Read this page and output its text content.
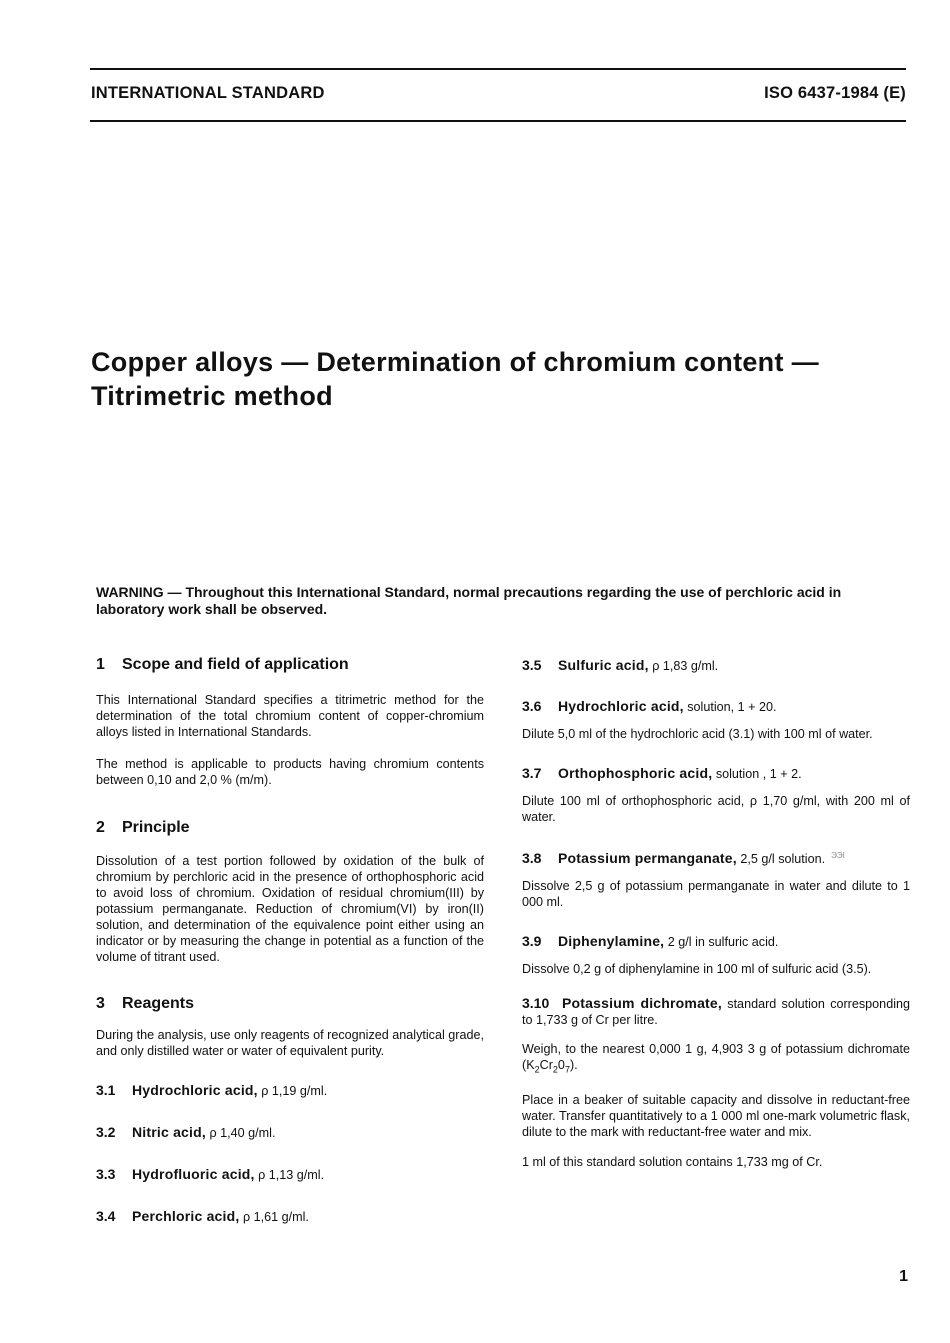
INTERNATIONAL STANDARD	ISO 6437-1984 (E)
Copper alloys — Determination of chromium content —
Titrimetric method
WARNING — Throughout this International Standard, normal precautions regarding the use of perchloric acid in laboratory work shall be observed.
1 Scope and field of application

This International Standard specifies a titrimetric method for the determination of the total chromium content of copper-chromium alloys listed in International Standards.

The method is applicable to products having chromium contents between 0,10 and 2,0 % (m/m).

2 Principle

Dissolution of a test portion followed by oxidation of the bulk of chromium by perchloric acid in the presence of orthophosphoric acid to avoid loss of chromium. Oxidation of residual chromium(III) by potassium permanganate. Reduction of chromium(VI) by iron(II) solution, and determination of the equivalence point either using an indicator or by measuring the change in potential as a function of the volume of titrant used.

3 Reagents

During the analysis, use only reagents of recognized analytical grade, and only distilled water or water of equivalent purity.

3.1 Hydrochloric acid, ρ 1,19 g/ml.
3.2 Nitric acid, ρ 1,40 g/ml.
3.3 Hydrofluoric acid, ρ 1,13 g/ml.
3.4 Perchloric acid, ρ 1,61 g/ml.
3.5 Sulfuric acid, ρ 1,83 g/ml.
3.6 Hydrochloric acid, solution, 1 + 20.

Dilute 5,0 ml of the hydrochloric acid (3.1) with 100 ml of water.

3.7 Orthophosphoric acid, solution , 1 + 2.

Dilute 100 ml of orthophosphoric acid, ρ 1,70 g/ml, with 200 ml of water.

3.8 Potassium permanganate, 2,5 g/l solution. $^{ЭЭI}$

Dissolve 2,5 g of potassium permanganate in water and dilute to 1 000 ml.

3.9 Diphenylamine, 2 g/l in sulfuric acid.

Dissolve 0,2 g of diphenylamine in 100 ml of sulfuric acid (3.5).

3.10 Potassium dichromate, standard solution corresponding to 1,733 g of Cr per litre.

Weigh, to the nearest 0,000 1 g, 4,903 3 g of potassium dichromate $(K_2Cr_20_7)$.

Place in a beaker of suitable capacity and dissolve in reductant-free water. Transfer quantitatively to a 1 000 ml one-mark volumetric flask, dilute to the mark with reductant-free water and mix.

1 ml of this standard solution contains 1,733 mg of Cr.

1
